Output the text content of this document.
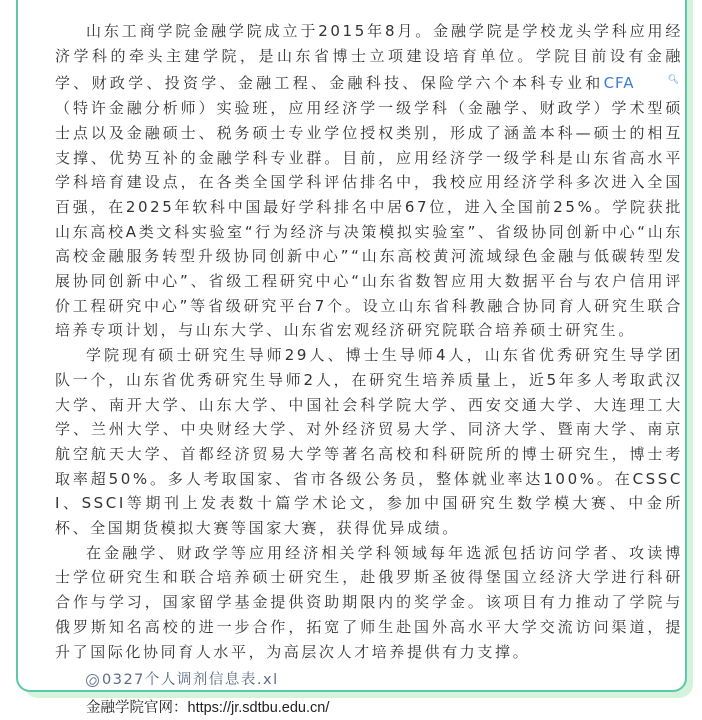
山东工商学院金融学院成立于2015年8月。金融学院是学校龙头学科应用经济学科的牵头主建学院，是山东省博士立项建设培育单位。学院目前设有金融学、财政学、投资学、金融工程、金融科技、保险学六个本科专业和CFA	🔍︎（特许金融分析师）实验班，应用经济学一级学科（金融学、财政学）学术型硕士点以及金融硕士、税务硕士专业学位授权类别，形成了涵盖本科—硕士的相互支撑、优势互补的金融学科专业群。目前，应用经济学一级学科是山东省高水平学科培育建设点，在各类全国学科评估排名中，我校应用经济学科多次进入全国百强，在2025年软科中国最好学科排名中居67位，进入全国前25%。学院获批山东高校A类文科实验室“行为经济与决策模拟实验室”、省级协同创新中心“山东高校金融服务转型升级协同创新中心”“山东高校黄河流域绿色金融与低碳转型发展协同创新中心”、省级工程研究中心“山东省数智应用大数据平台与农户信用评价工程研究中心”等省级研究平台7个。设立山东省科教融合协同育人研究生联合培养专项计划，与山东大学、山东省宏观经济研究院联合培养硕士研究生。

学院现有硕士研究生导师29人、博士生导师4人，山东省优秀研究生导学团队一个，山东省优秀研究生导师2人，在研究生培养质量上，近5年多人考取武汉大学、南开大学、山东大学、中国社会科学院大学、西安交通大学、大连理工大学、兰州大学、中央财经大学、对外经济贸易大学、同济大学、暨南大学、南京航空航天大学、首都经济贸易大学等著名高校和科研院所的博士研究生，博士考取率超50%。多人考取国家、省市各级公务员，整体就业率达100%。在CSSCI、SSCI等期刊上发表数十篇学术论文，参加中国研究生数学模大赛、中金所杯、全国期货模拟大赛等国家大赛，获得优异成绩。

在金融学、财政学等应用经济相关学科领域每年选派包括访问学者、攻读博士学位研究生和联合培养硕士研究生，赴俄罗斯圣彼得堡国立经济大学进行科研合作与学习，国家留学基金提供资助期限内的奖学金。该项目有力推动了学院与俄罗斯知名高校的进一步合作，拓宽了师生赴国外高水平大学交流访问渠道，提升了国际化协同育人水平，为高层次人才培养提供有力支撑。

0327个人调剂信息表.xl
金融学院官网：https://jr.sdtbu.edu.cn/
